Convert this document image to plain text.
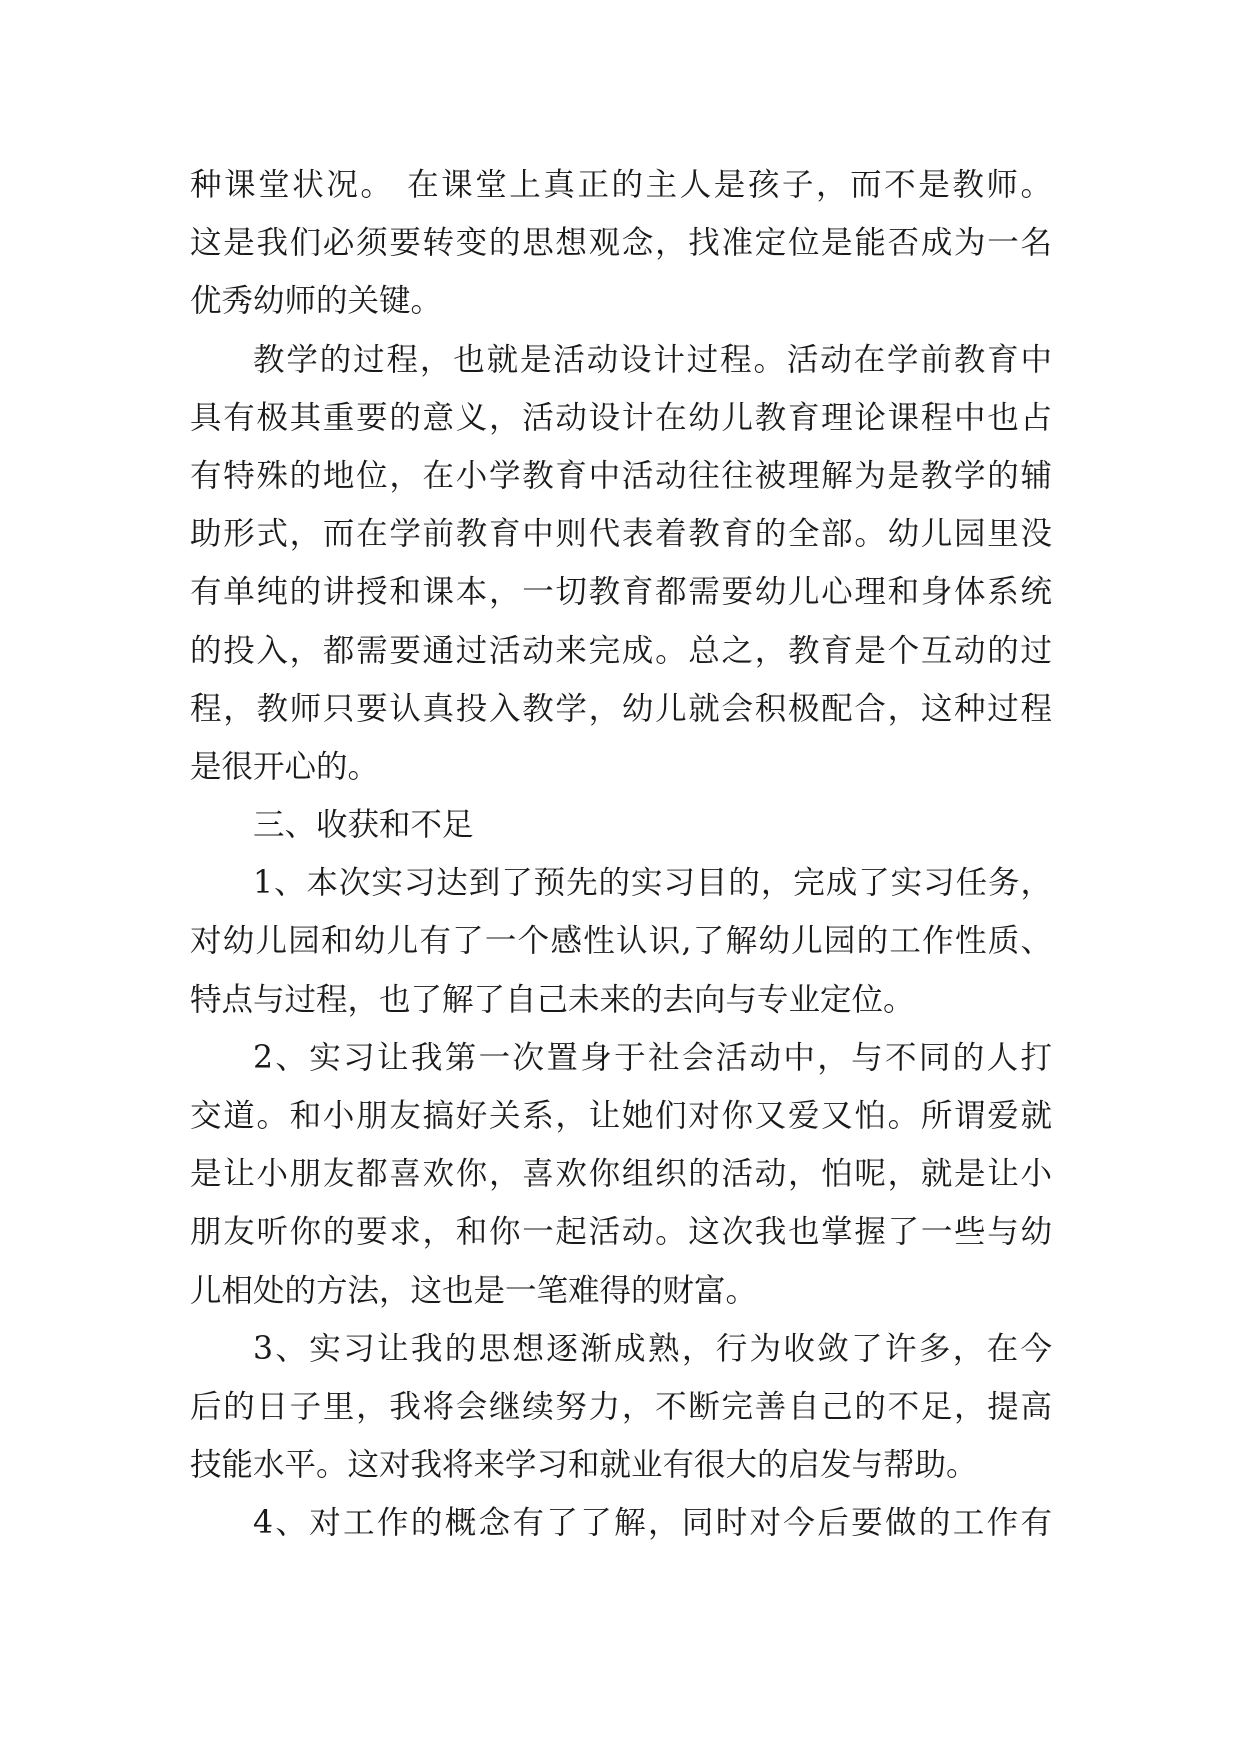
种课堂状况。 在课堂上真正的主人是孩子，而不是教师。
这是我们必须要转变的思想观念，找准定位是能否成为一名
优秀幼师的关键。
教学的过程，也就是活动设计过程。活动在学前教育中
具有极其重要的意义，活动设计在幼儿教育理论课程中也占
有特殊的地位，在小学教育中活动往往被理解为是教学的辅
助形式，而在学前教育中则代表着教育的全部。幼儿园里没
有单纯的讲授和课本，一切教育都需要幼儿心理和身体系统
的投入，都需要通过活动来完成。总之，教育是个互动的过
程，教师只要认真投入教学，幼儿就会积极配合，这种过程
是很开心的。
三、收获和不足
1、本次实习达到了预先的实习目的，完成了实习任务，
对幼儿园和幼儿有了一个感性认识,了解幼儿园的工作性质、
特点与过程，也了解了自己未来的去向与专业定位。
2、实习让我第一次置身于社会活动中，与不同的人打
交道。和小朋友搞好关系，让她们对你又爱又怕。所谓爱就
是让小朋友都喜欢你，喜欢你组织的活动，怕呢，就是让小
朋友听你的要求，和你一起活动。这次我也掌握了一些与幼
儿相处的方法，这也是一笔难得的财富。
3、实习让我的思想逐渐成熟，行为收敛了许多，在今
后的日子里，我将会继续努力，不断完善自己的不足，提高
技能水平。这对我将来学习和就业有很大的启发与帮助。
4、对工作的概念有了了解，同时对今后要做的工作有
